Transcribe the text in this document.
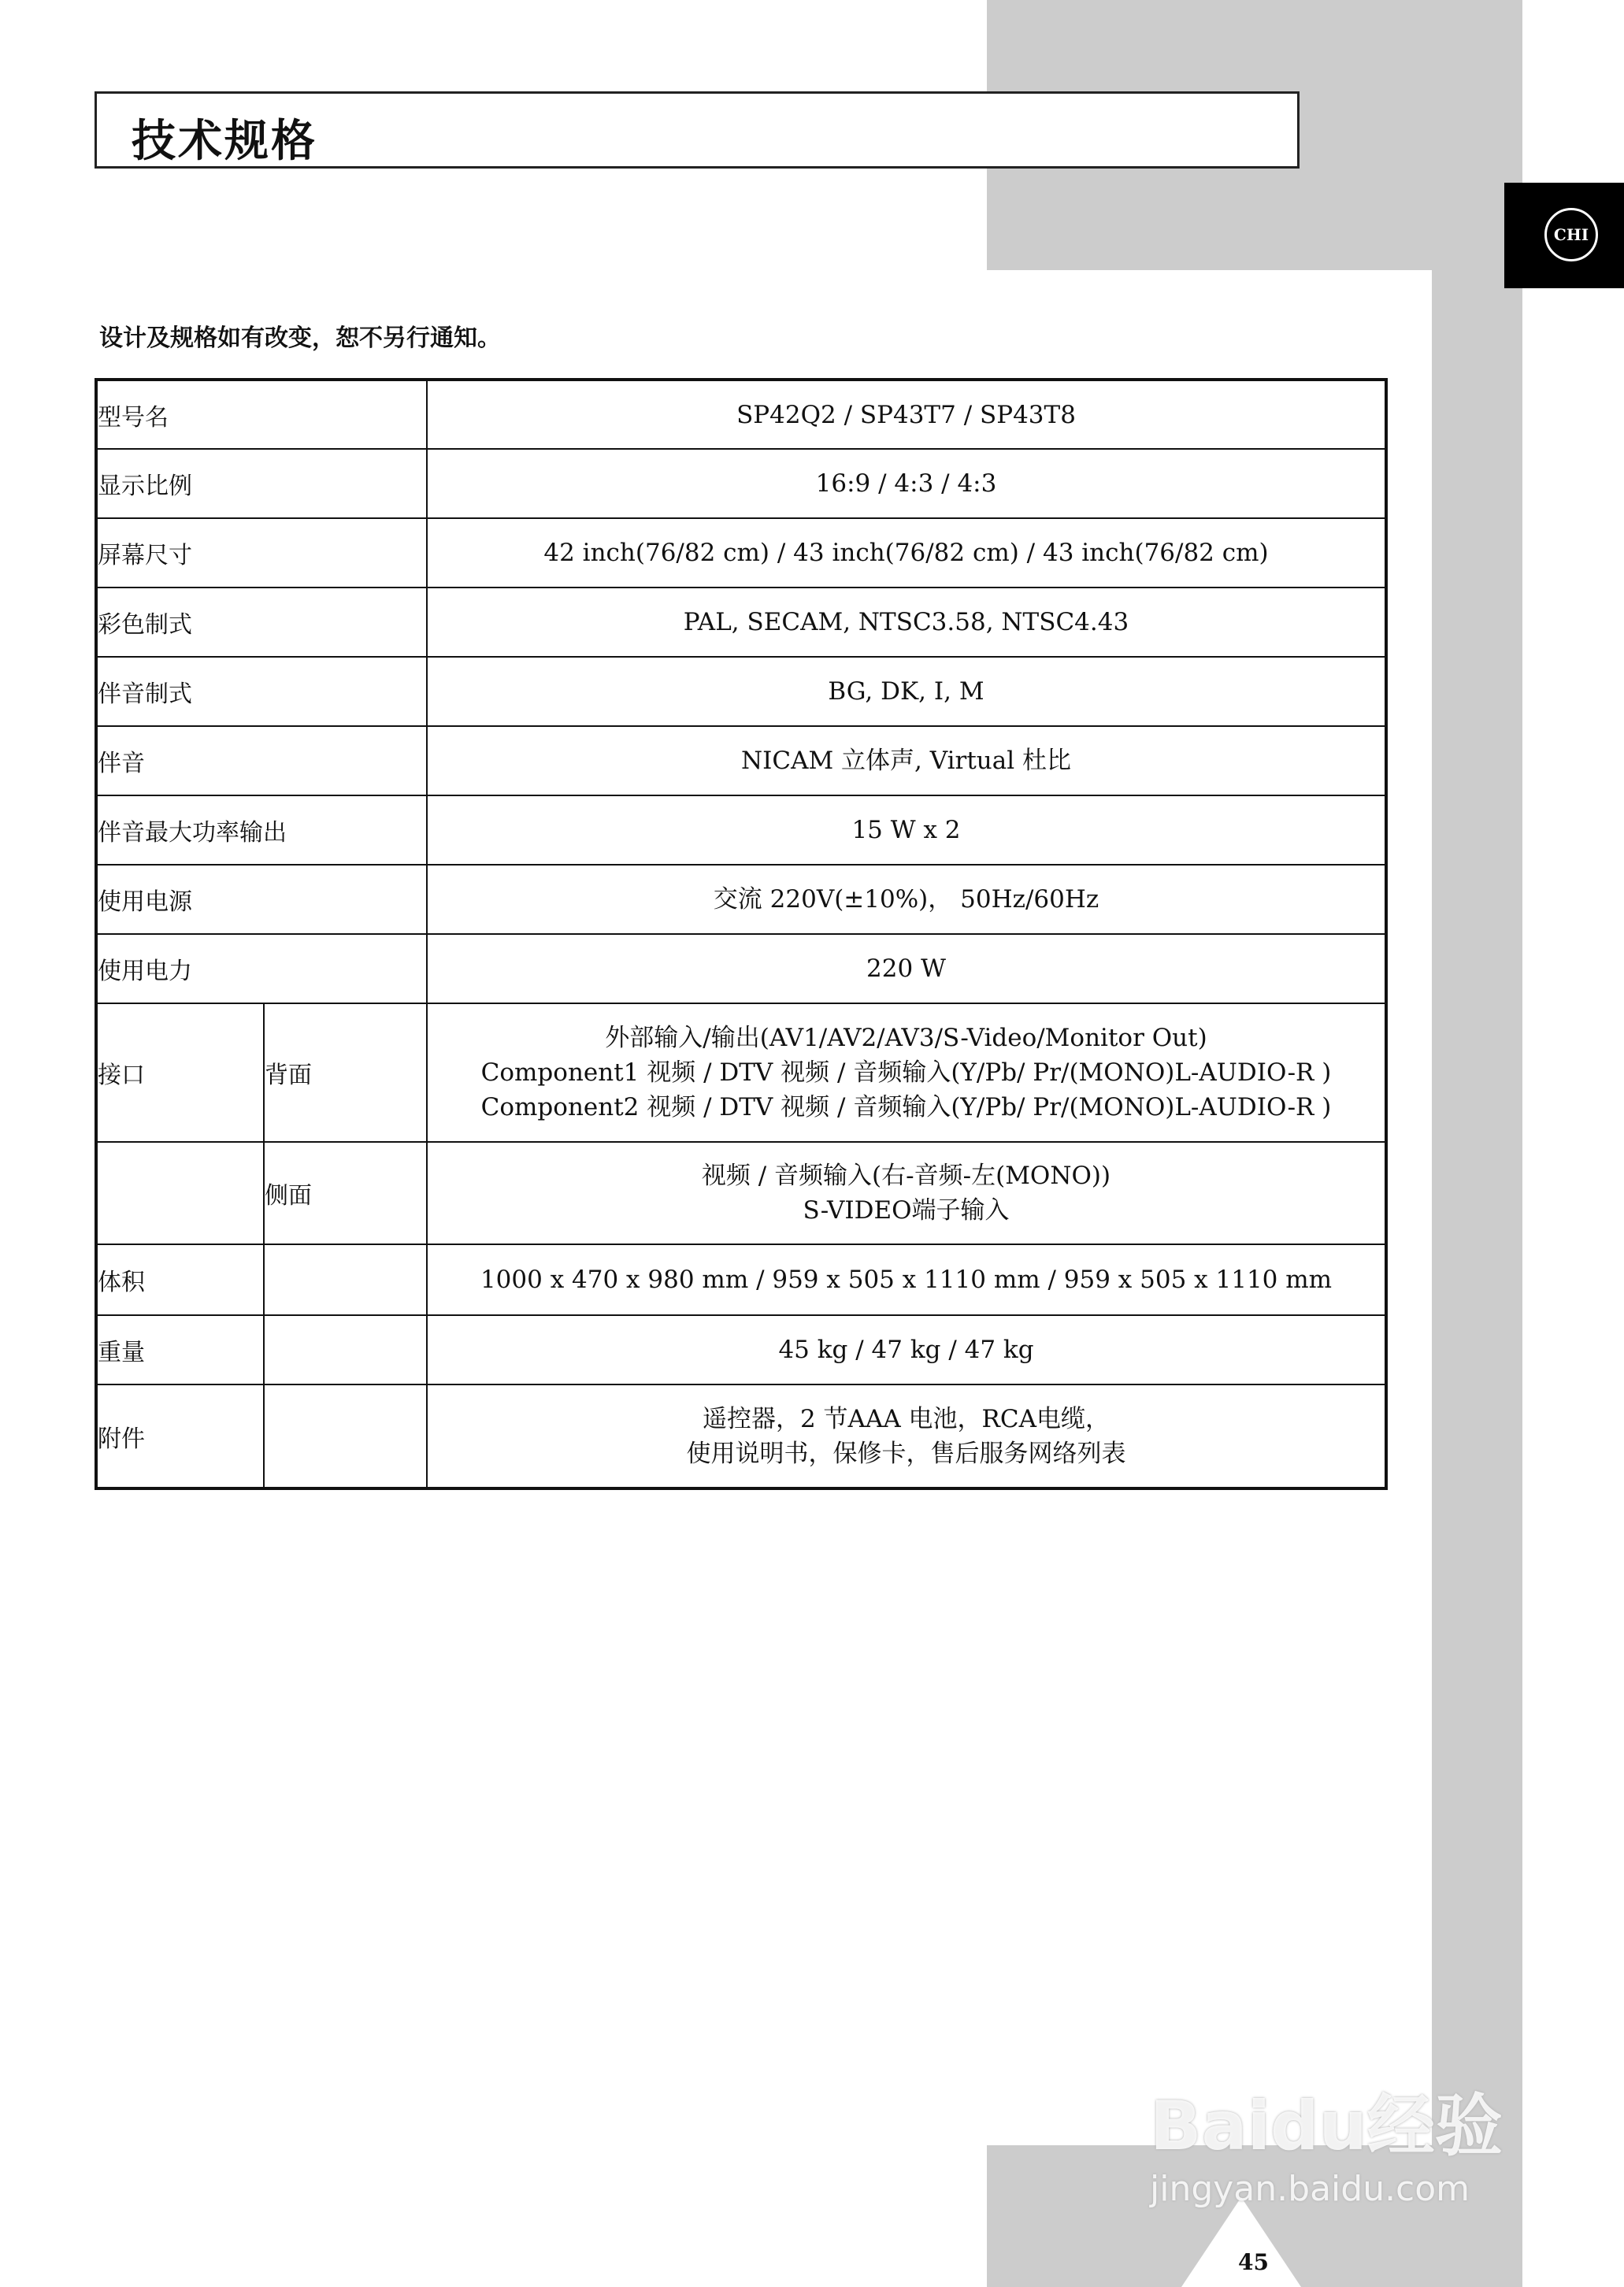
CHI
技术规格
设计及规格如有改变，恕不另行通知。
型号名		SP42Q2 / SP43T7 / SP43T8
显示比例		16:9 / 4:3 / 4:3
屏幕尺寸		42 inch(76/82 cm) / 43 inch(76/82 cm) / 43 inch(76/82 cm)
彩色制式		PAL, SECAM, NTSC3.58, NTSC4.43
伴音制式		BG, DK, I, M
伴音		NICAM 立体声, Virtual 杜比
伴音最大功率输出		15 W x 2
使用电源		交流 220V(±10%)， 50Hz/60Hz
使用电力		220 W
接口	背面	外部输入/输出(AV1/AV2/AV3/S-Video/Monitor Out)
Component1 视频 / DTV 视频 / 音频输入(Y/Pb/ Pr/(MONO)L-AUDIO-R )
Component2 视频 / DTV 视频 / 音频输入(Y/Pb/ Pr/(MONO)L-AUDIO-R )

	侧面	视频 / 音频输入(右-音频-左(MONO))
S-VIDEO端子输入

体积		1000 x 470 x 980 mm / 959 x 505 x 1110 mm / 959 x 505 x 1110 mm
重量		45 kg / 47 kg / 47 kg
附件		遥控器，2 节AAA 电池，RCA电缆，
使用说明书，保修卡，售后服务网络列表
45
Baidu经验
jingyan.baidu.com
